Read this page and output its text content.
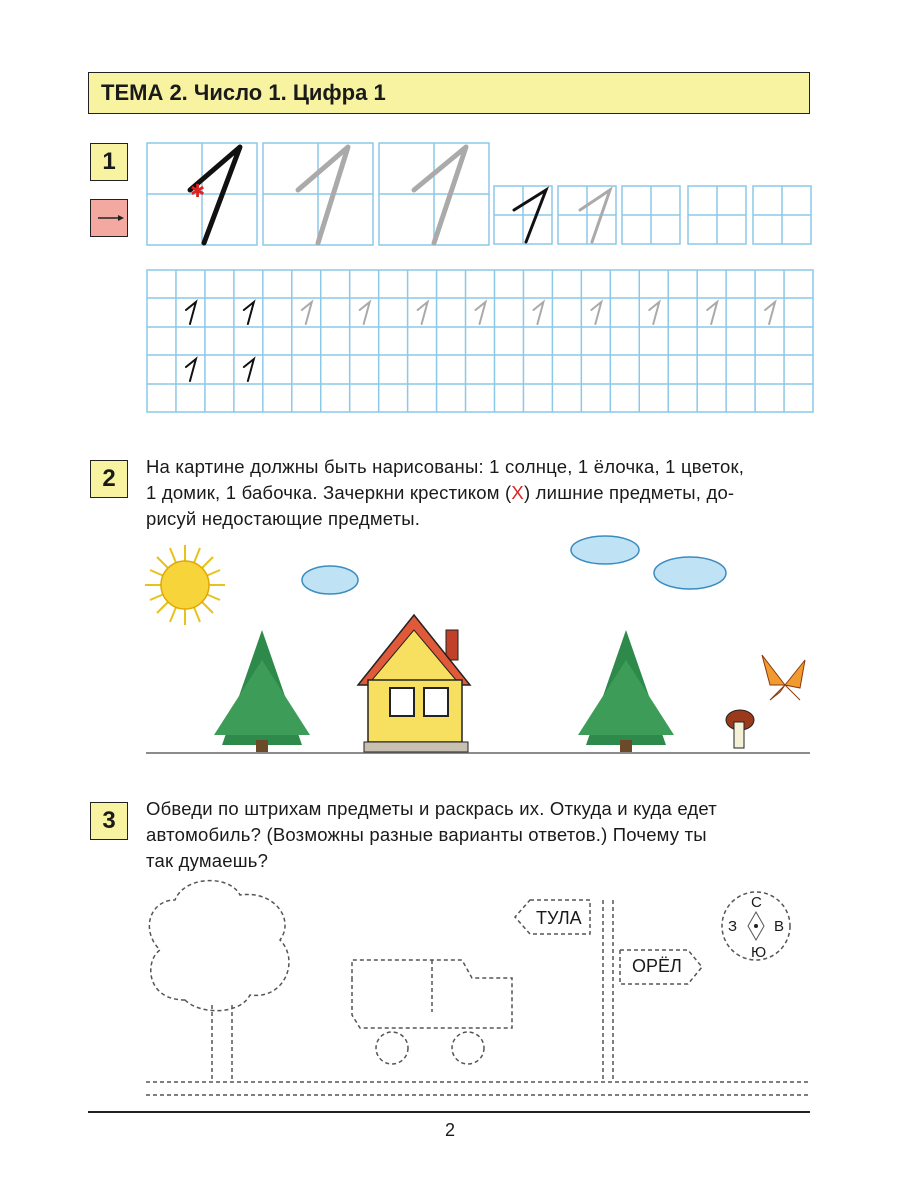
ТЕМА 2. Число 1. Цифра 1
1
✱
2	На картине должны быть нарисованы: 1 солнце, 1 ёлочка, 1 цветок,
1 домик, 1 бабочка. Зачеркни крестиком (Х) лишние предметы, до-
рисуй недостающие предметы.
3	Обведи по штрихам предметы и раскрась их. Откуда и куда едет
автомобиль? (Возможны разные варианты ответов.) Почему ты
так думаешь?
ТУЛА
ОРЁЛ
С
Ю
З В
2
